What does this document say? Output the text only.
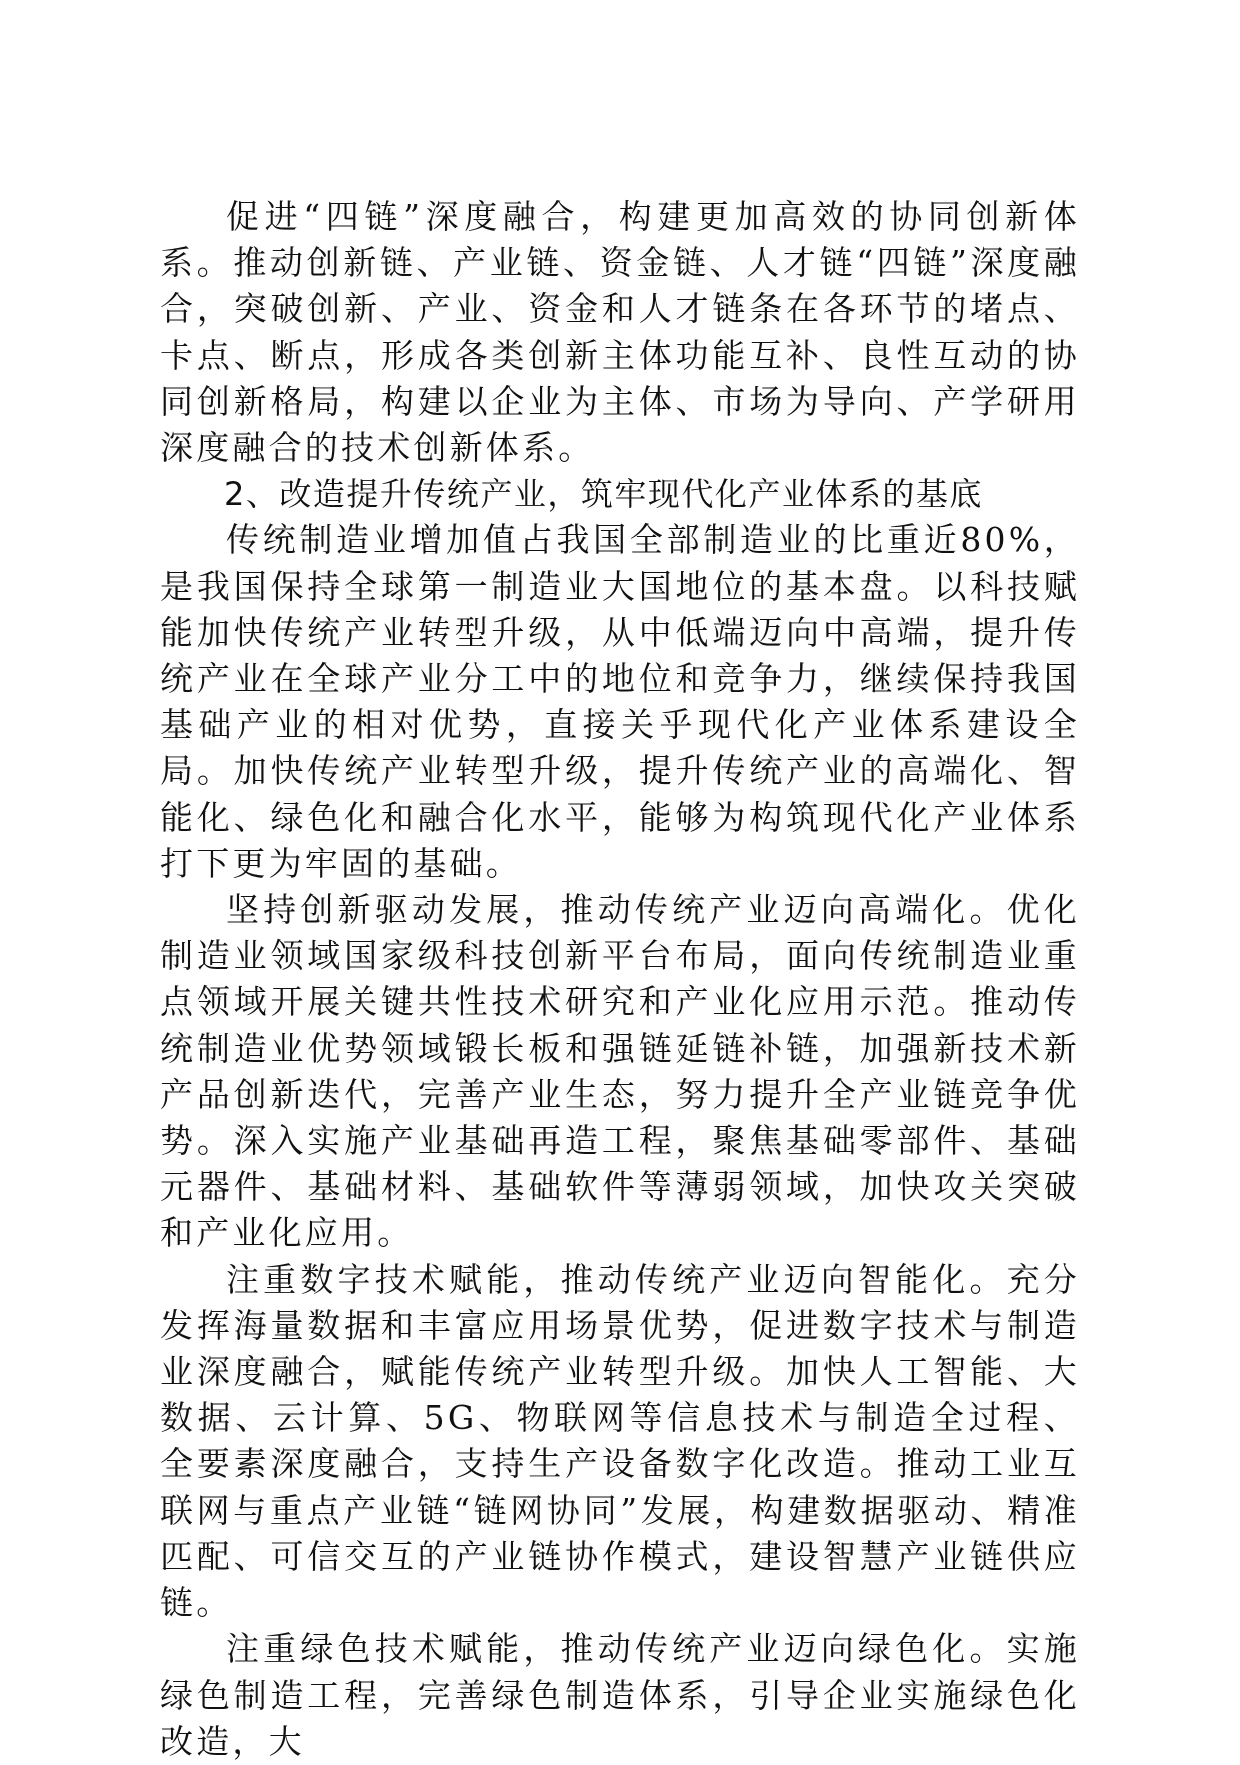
促进“四链”深度融合，构建更加高效的协同创新体系。推动创新链、产业链、资金链、人才链“四链”深度融合，突破创新、产业、资金和人才链条在各环节的堵点、卡点、断点，形成各类创新主体功能互补、良性互动的协同创新格局，构建以企业为主体、市场为导向、产学研用深度融合的技术创新体系。

2、改造提升传统产业，筑牢现代化产业体系的基底

传统制造业增加值占我国全部制造业的比重近80%，是我国保持全球第一制造业大国地位的基本盘。以科技赋能加快传统产业转型升级，从中低端迈向中高端，提升传统产业在全球产业分工中的地位和竞争力，继续保持我国基础产业的相对优势，直接关乎现代化产业体系建设全局。加快传统产业转型升级，提升传统产业的高端化、智能化、绿色化和融合化水平，能够为构筑现代化产业体系打下更为牢固的基础。

坚持创新驱动发展，推动传统产业迈向高端化。优化制造业领域国家级科技创新平台布局，面向传统制造业重点领域开展关键共性技术研究和产业化应用示范。推动传统制造业优势领域锻长板和强链延链补链，加强新技术新产品创新迭代，完善产业生态，努力提升全产业链竞争优势。深入实施产业基础再造工程，聚焦基础零部件、基础元器件、基础材料、基础软件等薄弱领域，加快攻关突破和产业化应用。

注重数字技术赋能，推动传统产业迈向智能化。充分发挥海量数据和丰富应用场景优势，促进数字技术与制造业深度融合，赋能传统产业转型升级。加快人工智能、大数据、云计算、5G、物联网等信息技术与制造全过程、全要素深度融合，支持生产设备数字化改造。推动工业互联网与重点产业链“链网协同”发展，构建数据驱动、精准匹配、可信交互的产业链协作模式，建设智慧产业链供应链。

注重绿色技术赋能，推动传统产业迈向绿色化。实施绿色制造工程，完善绿色制造体系，引导企业实施绿色化改造，大
